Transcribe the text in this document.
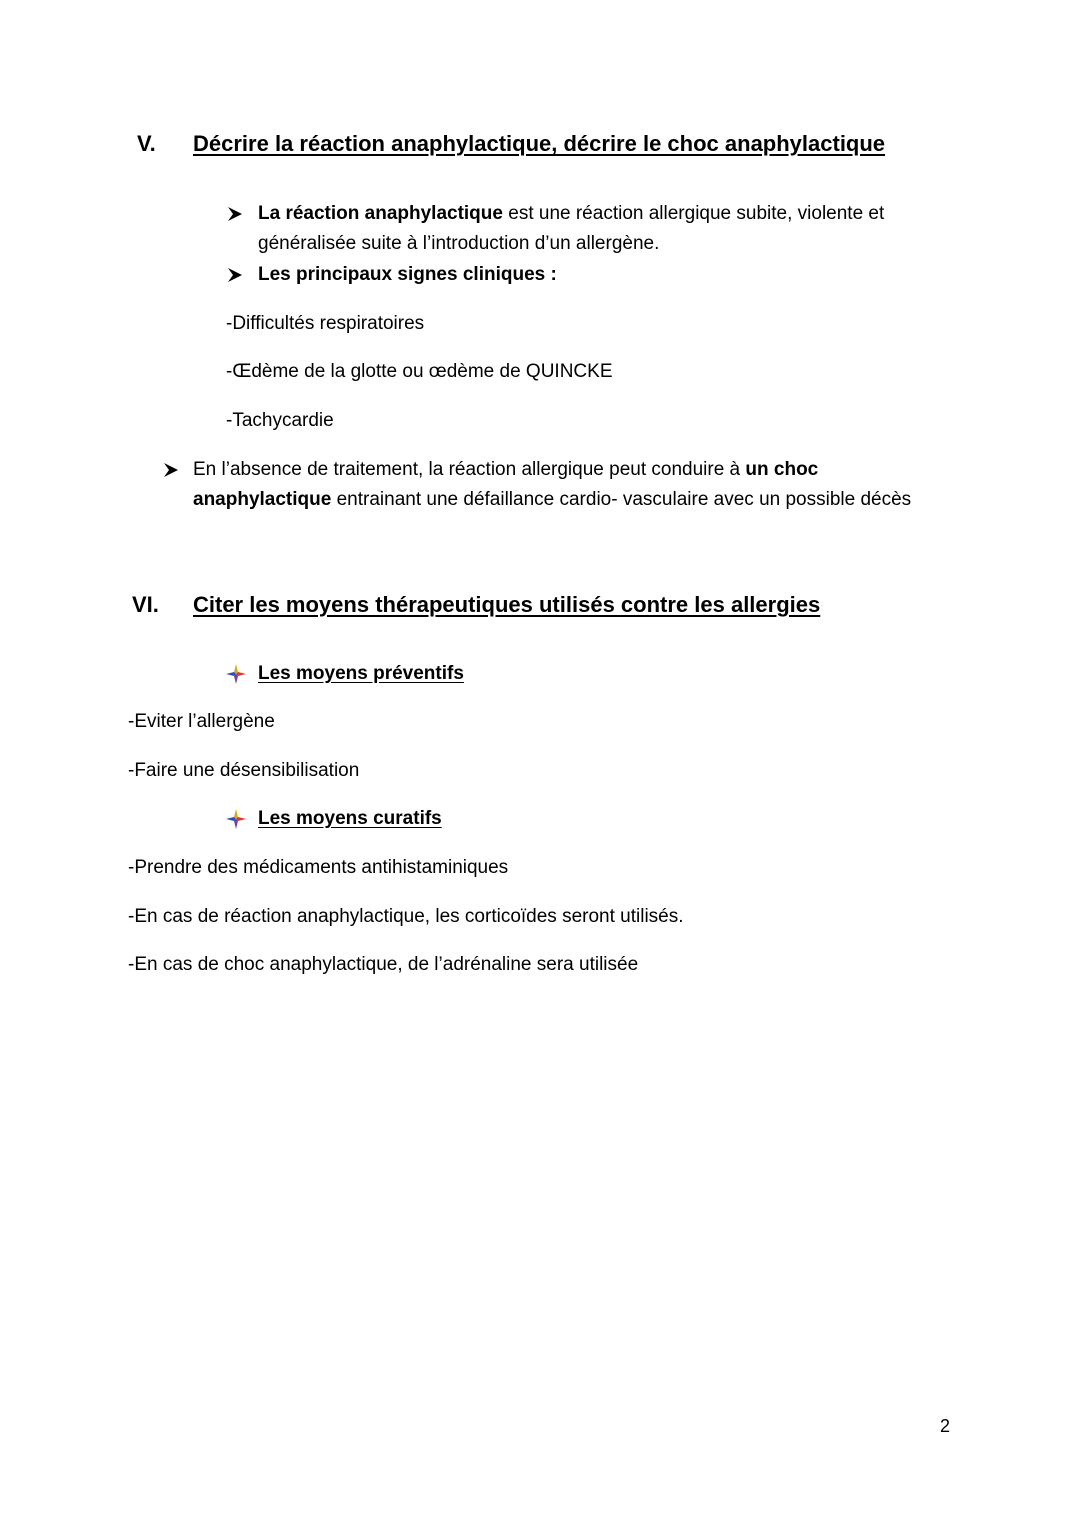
V. Décrire la réaction anaphylactique, décrire le choc anaphylactique
La réaction anaphylactique est une réaction allergique subite, violente et
généralisée suite à l’introduction d’un allergène.
Les principaux signes cliniques :
-Difficultés respiratoires
-Œdème de la glotte ou œdème de QUINCKE
-Tachycardie
En l’absence de traitement, la réaction allergique peut conduire à un choc
anaphylactique entrainant une défaillance cardio- vasculaire avec un possible décès
VI. Citer les moyens thérapeutiques utilisés contre les allergies
Les moyens préventifs
-Eviter l’allergène
-Faire une désensibilisation
Les moyens curatifs
-Prendre des médicaments antihistaminiques
-En cas de réaction anaphylactique, les corticoïdes seront utilisés.
-En cas de choc anaphylactique, de l’adrénaline sera utilisée
2
